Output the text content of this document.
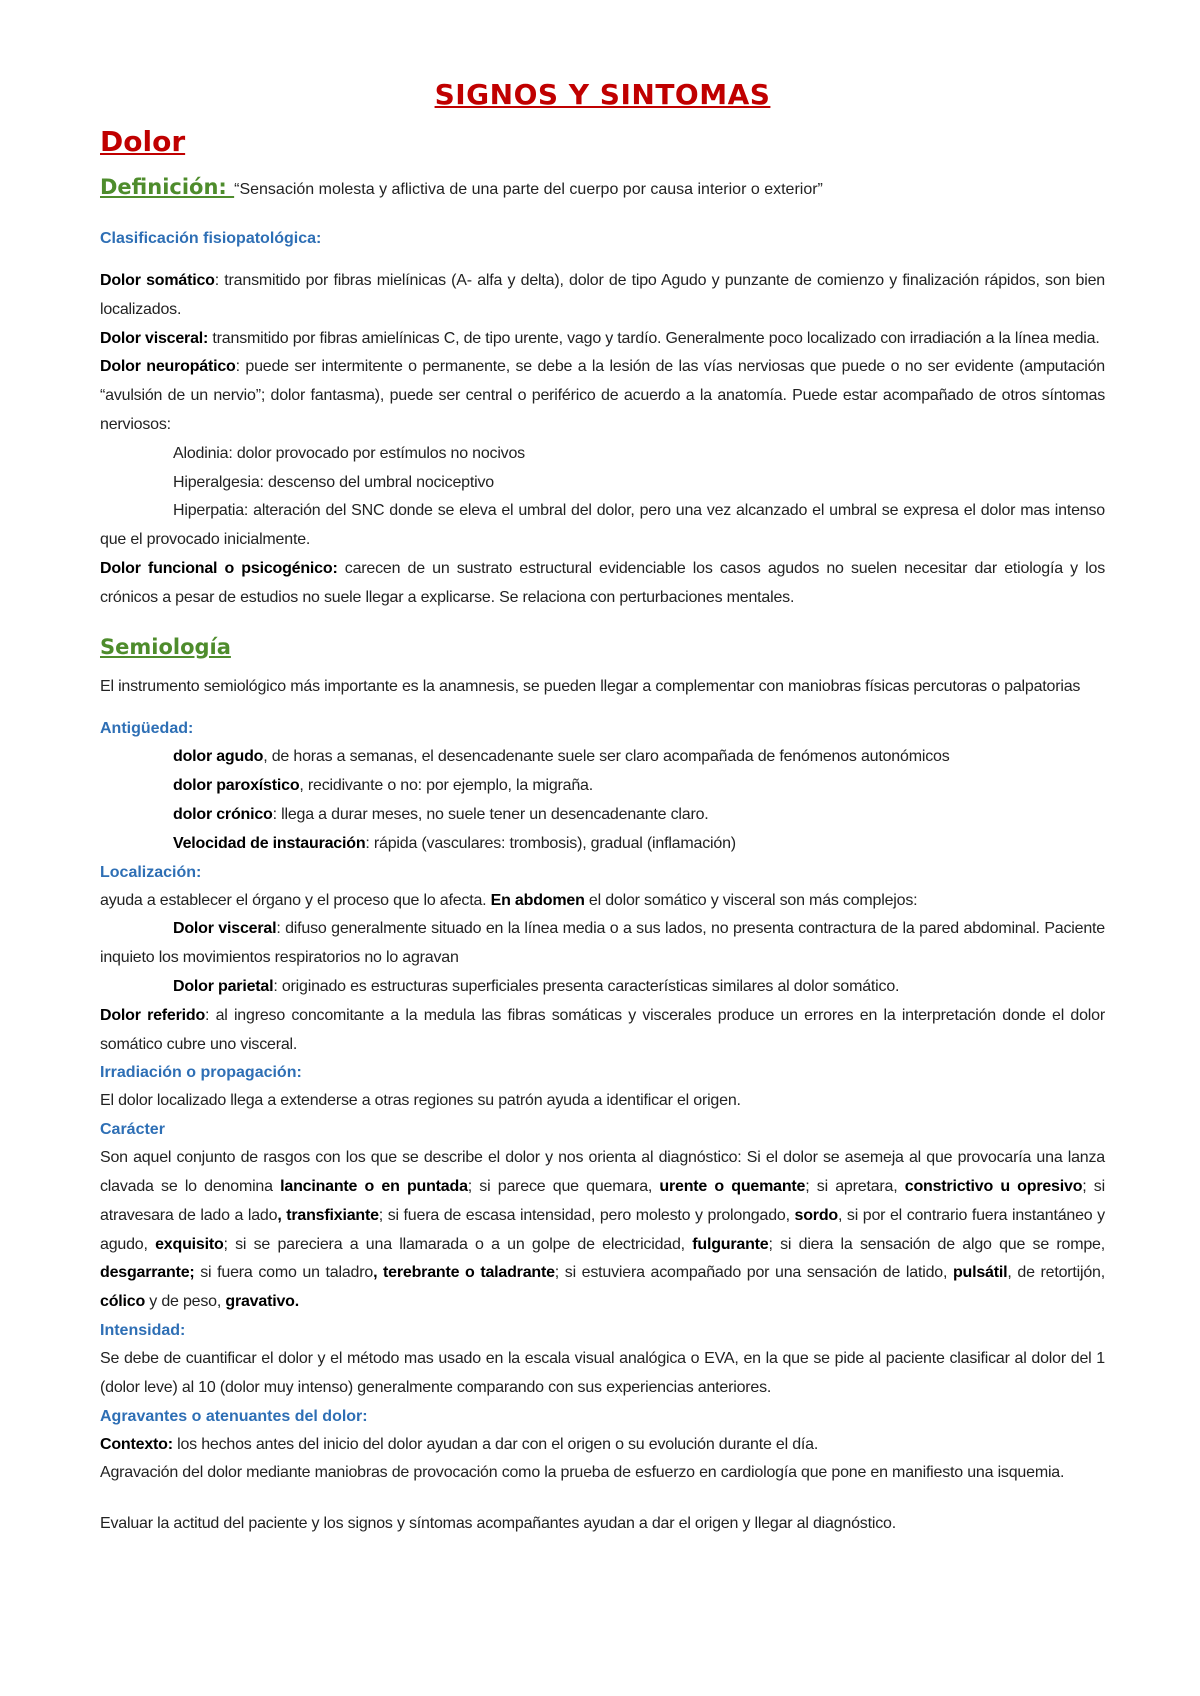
SIGNOS Y SINTOMAS
Dolor
Definición: “Sensación molesta y aflictiva de una parte del cuerpo por causa interior o exterior”
Clasificación fisiopatológica:

Dolor somático: transmitido por fibras mielínicas (A- alfa y delta), dolor de tipo Agudo y punzante de comienzo y finalización rápidos, son bien localizados.

Dolor visceral: transmitido por fibras amielínicas C, de tipo urente, vago y tardío. Generalmente poco localizado con irradiación a la línea media.

Dolor neuropático: puede ser intermitente o permanente, se debe a la lesión de las vías nerviosas que puede o no ser evidente (amputación “avulsión de un nervio”; dolor fantasma), puede ser central o periférico de acuerdo a la anatomía. Puede estar acompañado de otros síntomas nerviosos:

Alodinia: dolor provocado por estímulos no nocivos

Hiperalgesia: descenso del umbral nociceptivo

Hiperpatia: alteración del SNC donde se eleva el umbral del dolor, pero una vez alcanzado el umbral se expresa el dolor mas intenso que el provocado inicialmente.

Dolor funcional o psicogénico: carecen de un sustrato estructural evidenciable los casos agudos no suelen necesitar dar etiología y los crónicos a pesar de estudios no suele llegar a explicarse. Se relaciona con perturbaciones mentales.

Semiología

El instrumento semiológico más importante es la anamnesis, se pueden llegar a complementar con maniobras físicas percutoras o palpatorias

Antigüedad:

dolor agudo, de horas a semanas, el desencadenante suele ser claro acompañada de fenómenos autonómicos

dolor paroxístico, recidivante o no: por ejemplo, la migraña.

dolor crónico: llega a durar meses, no suele tener un desencadenante claro.

Velocidad de instauración: rápida (vasculares: trombosis), gradual (inflamación)

Localización:

ayuda a establecer el órgano y el proceso que lo afecta. En abdomen el dolor somático y visceral son más complejos:

Dolor visceral: difuso generalmente situado en la línea media o a sus lados, no presenta contractura de la pared abdominal. Paciente inquieto los movimientos respiratorios no lo agravan

Dolor parietal: originado es estructuras superficiales presenta características similares al dolor somático.

Dolor referido: al ingreso concomitante a la medula las fibras somáticas y viscerales produce un errores en la interpretación donde el dolor somático cubre uno visceral.

Irradiación o propagación:

El dolor localizado llega a extenderse a otras regiones su patrón ayuda a identificar el origen.

Carácter

Son aquel conjunto de rasgos con los que se describe el dolor y nos orienta al diagnóstico: Si el dolor se asemeja al que provocaría una lanza clavada se lo denomina lancinante o en puntada; si parece que quemara, urente o quemante; si apretara, constrictivo u opresivo; si atravesara de lado a lado, transfixiante; si fuera de escasa intensidad, pero molesto y prolongado, sordo, si por el contrario fuera instantáneo y agudo, exquisito; si se pareciera a una llamarada o a un golpe de electricidad, fulgurante; si diera la sensación de algo que se rompe, desgarrante; si fuera como un taladro, terebrante o taladrante; si estuviera acompañado por una sensación de latido, pulsátil, de retortijón, cólico y de peso, gravativo.

Intensidad:

Se debe de cuantificar el dolor y el método mas usado en la escala visual analógica o EVA, en la que se pide al paciente clasificar al dolor del 1 (dolor leve) al 10 (dolor muy intenso) generalmente comparando con sus experiencias anteriores.

Agravantes o atenuantes del dolor:

Contexto: los hechos antes del inicio del dolor ayudan a dar con el origen o su evolución durante el día.

Agravación del dolor mediante maniobras de provocación como la prueba de esfuerzo en cardiología que pone en manifiesto una isquemia.

Evaluar la actitud del paciente y los signos y síntomas acompañantes ayudan a dar el origen y llegar al diagnóstico.
